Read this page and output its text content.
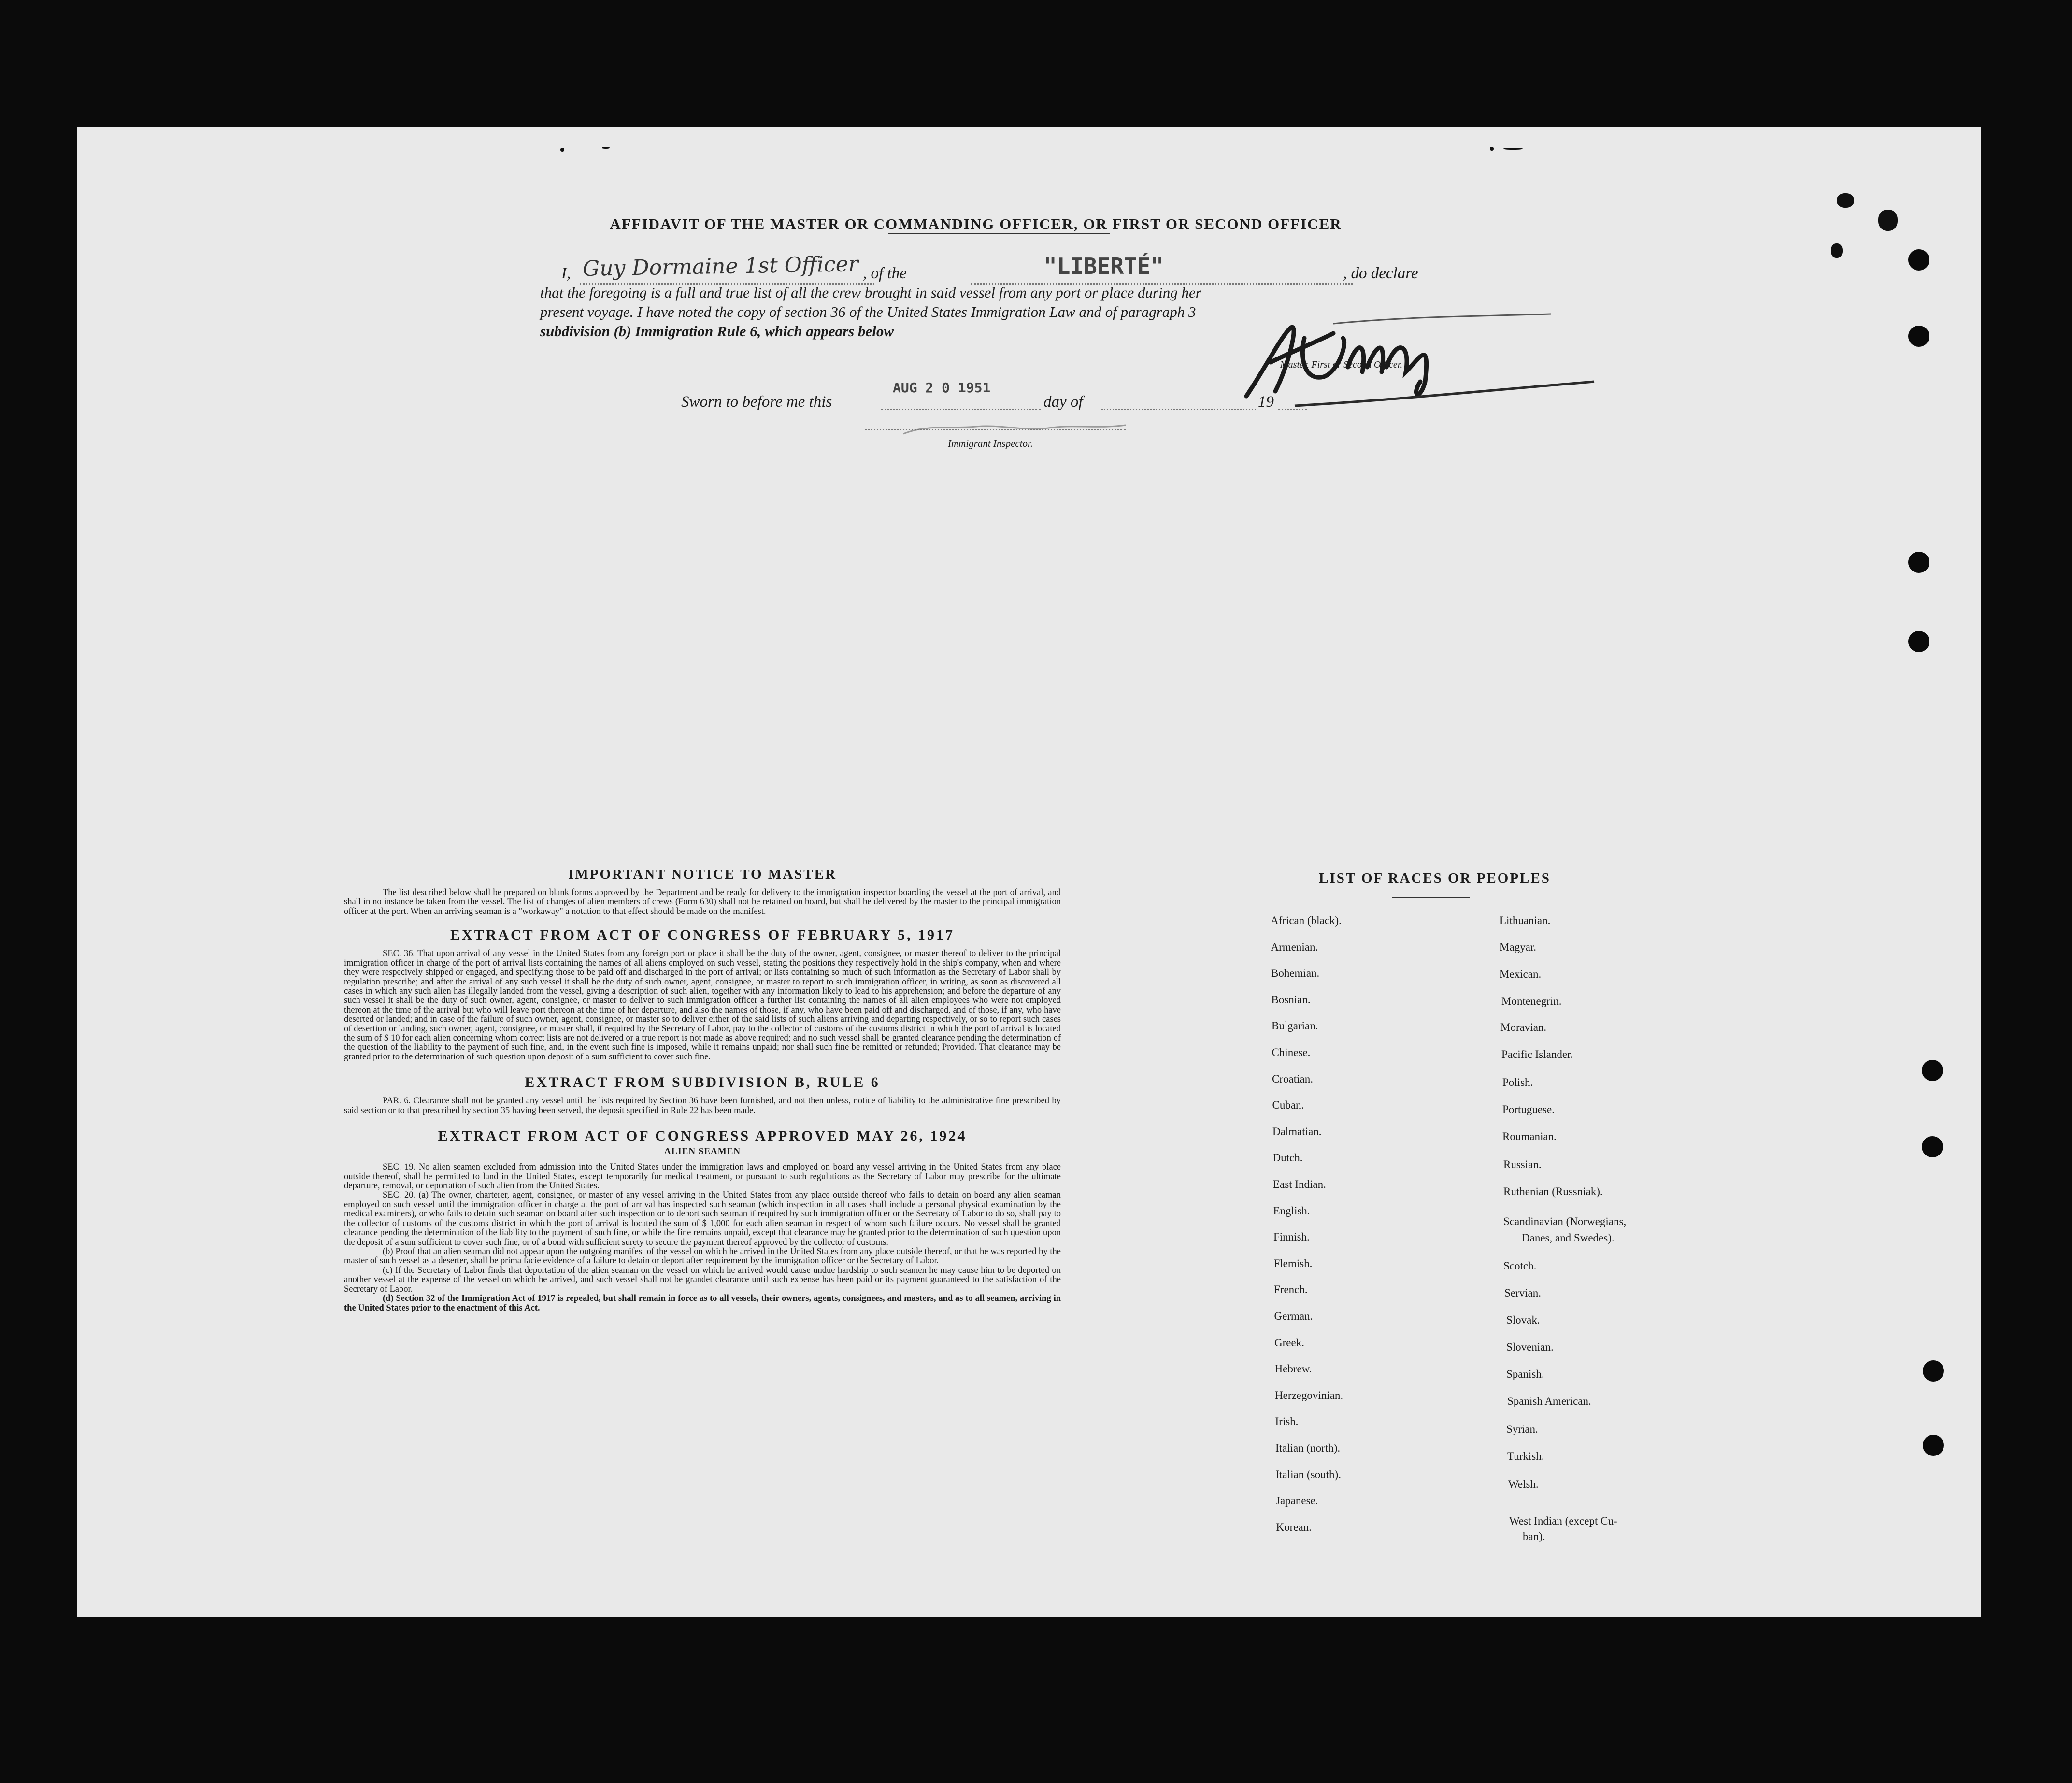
AFFIDAVIT OF THE MASTER OR COMMANDING OFFICER, OR FIRST OR SECOND OFFICER
I, Guy Dormaine 1st Officer , of the	"LIBERTÉ"	, do declare
that the foregoing is a full and true list of all the crew brought in said vessel from any port or place during her
present voyage. I have noted the copy of section 36 of the United States Immigration Law and of paragraph 3
subdivision (b) Immigration Rule 6, which appears below
Master, First or Second Officer.
Sworn to before me this
AUG 2 0 1951
day of	19
Immigrant Inspector.
IMPORTANT NOTICE TO MASTER
The list described below shall be prepared on blank forms approved by the Department and be ready for delivery to the immigration inspector boarding the vessel at the port of arrival, and shall in no instance be taken from the vessel. The list of changes of alien members of crews (Form 630) shall not be retained on board, but shall be delivered by the master to the principal immigration officer at the port. When an arriving seaman is a "workaway" a notation to that effect should be made on the manifest.
EXTRACT FROM ACT OF CONGRESS OF FEBRUARY 5, 1917
SEC. 36. That upon arrival of any vessel in the United States from any foreign port or place it shall be the duty of the owner, agent, consignee, or master thereof to deliver to the principal immigration officer in charge of the port of arrival lists containing the names of all aliens employed on such vessel, stating the positions they respectively hold in the ship's company, when and where they were respecively shipped or engaged, and specifying those to be paid off and discharged in the port of arrival; or lists containing so much of such information as the Secretary of Labor shall by regulation prescribe; and after the arrival of any such vessel it shall be the duty of such owner, agent, consignee, or master to report to such immigration officer, in writing, as soon as discovered all cases in which any such alien has illegally landed from the vessel, giving a description of such alien, together with any information likely to lead to his apprehension; and before the departure of any such vessel it shall be the duty of such owner, agent, consignee, or master to deliver to such immigration officer a further list containing the names of all alien employees who were not employed thereon at the time of the arrival but who will leave port thereon at the time of her departure, and also the names of those, if any, who have been paid off and discharged, and of those, if any, who have deserted or landed; and in case of the failure of such owner, agent, consignee, or master so to deliver either of the said lists of such aliens arriving and departing respectively, or so to report such cases of desertion or landing, such owner, agent, consignee, or master shall, if required by the Secretary of Labor, pay to the collector of customs of the customs district in which the port of arrival is located the sum of $ 10 for each alien concerning whom correct lists are not delivered or a true report is not made as above required; and no such vessel shall be granted clearance pending the determination of the question of the liability to the payment of such fine, and, in the event such fine is imposed, while it remains unpaid; nor shall such fine be remitted or refunded; Provided. That clearance may be granted prior to the determination of such question upon deposit of a sum sufficient to cover such fine.
EXTRACT FROM SUBDIVISION B, RULE 6
PAR. 6. Clearance shall not be granted any vessel until the lists required by Section 36 have been furnished, and not then unless, notice of liability to the administrative fine prescribed by said section or to that prescribed by section 35 having been served, the deposit specified in Rule 22 has been made.
EXTRACT FROM ACT OF CONGRESS APPROVED MAY 26, 1924
ALIEN SEAMEN
SEC. 19. No alien seamen excluded from admission into the United States under the immigration laws and employed on board any vessel arriving in the United States from any place outside thereof, shall be permitted to land in the United States, except temporarily for medical treatment, or pursuant to such regulations as the Secretary of Labor may prescribe for the ultimate departure, removal, or deportation of such alien from the United States.
SEC. 20. (a) The owner, charterer, agent, consignee, or master of any vessel arriving in the United States from any place outside thereof who fails to detain on board any alien seaman employed on such vessel until the immigration officer in charge at the port of arrival has inspected such seaman (which inspection in all cases shall include a personal physical examination by the medical examiners), or who fails to detain such seaman on board after such inspection or to deport such seaman if required by such immigration officer or the Secretary of Labor to do so, shall pay to the collector of customs of the customs district in which the port of arrival is located the sum of $ 1,000 for each alien seaman in respect of whom such failure occurs. No vessel shall be granted clearance pending the determination of the liability to the payment of such fine, or while the fine remains unpaid, except that clearance may be granted prior to the determination of such question upon the deposit of a sum sufficient to cover such fine, or of a bond with sufficient surety to secure the payment thereof approved by the collector of customs.
(b) Proof that an alien seaman did not appear upon the outgoing manifest of the vessel on which he arrived in the United States from any place outside thereof, or that he was reported by the master of such vessel as a deserter, shall be prima facie evidence of a failure to detain or deport after requirement by the immigration officer or the Secretary of Labor.
(c) If the Secretary of Labor finds that deportation of the alien seaman on the vessel on which he arrived would cause undue hardship to such seamen he may cause him to be deported on another vessel at the expense of the vessel on which he arrived, and such vessel shall not be grandet clearance until such expense has been paid or its payment guaranteed to the satisfaction of the Secretary of Labor.
(d) Section 32 of the Immigration Act of 1917 is repealed, but shall remain in force as to all vessels, their owners, agents, consignees, and masters, and as to all seamen, arriving in the United States prior to the enactment of this Act.
LIST OF RACES OR PEOPLES
African (black).
Armenian.
Bohemian.
Bosnian.
Bulgarian.
Chinese.
Croatian.
Cuban.
Dalmatian.
Dutch.
East Indian.
English.
Finnish.
Flemish.
French.
German.
Greek.
Hebrew.
Herzegovinian.
Irish.
Italian (north).
Italian (south).
Japanese.
Korean.
Lithuanian.
Magyar.
Mexican.
Montenegrin.
Moravian.
Pacific Islander.
Polish.
Portuguese.
Roumanian.
Russian.
Ruthenian (Russniak).
Scandinavian (Norwegians,
Danes, and Swedes).
Scotch.
Servian.
Slovak.
Slovenian.
Spanish.
Spanish American.
Syrian.
Turkish.
Welsh.
West Indian (except Cu-
ban).
